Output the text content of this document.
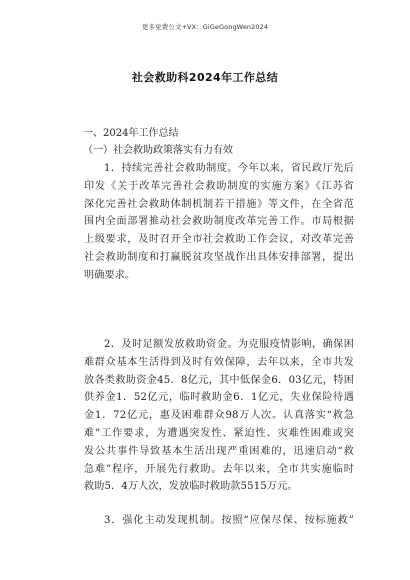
更多免费公文+VX：GiGeGongWen2024
社会救助科2024年工作总结
一、2024年工作总结
（一）社会救助政策落实有力有效
1．持续完善社会救助制度。今年以来，省民政厅先后
印发《关于改革完善社会救助制度的实施方案》《江苏省
深化完善社会救助体制机制若干措施》等文件，在全省范
围内全面部署推动社会救助制度改革完善工作。市局根据
上级要求，及时召开全市社会救助工作会议，对改革完善
社会救助制度和打赢脱贫攻坚战作出具体安排部署，提出
明确要求。
2．及时足额发放救助资金。为克服疫情影响，确保困
难群众基本生活得到及时有效保障，去年以来，全市共发
放各类救助资金45．8亿元，其中低保金6．03亿元，特困
供养金1．52亿元，临时救助金6．1亿元，失业保险待遇
金1．72亿元，惠及困难群众98万人次。认真落实“救急
难”工作要求，为遭遇突发性、紧迫性、灾难性困难或突
发公共事件导致基本生活出现严重困难的，迅速启动“救
急难”程序，开展先行救助。去年以来，全市共实施临时
救助5．4万人次，发放临时救助款5515万元。
3．强化主动发现机制。按照“应保尽保、按标施救”
